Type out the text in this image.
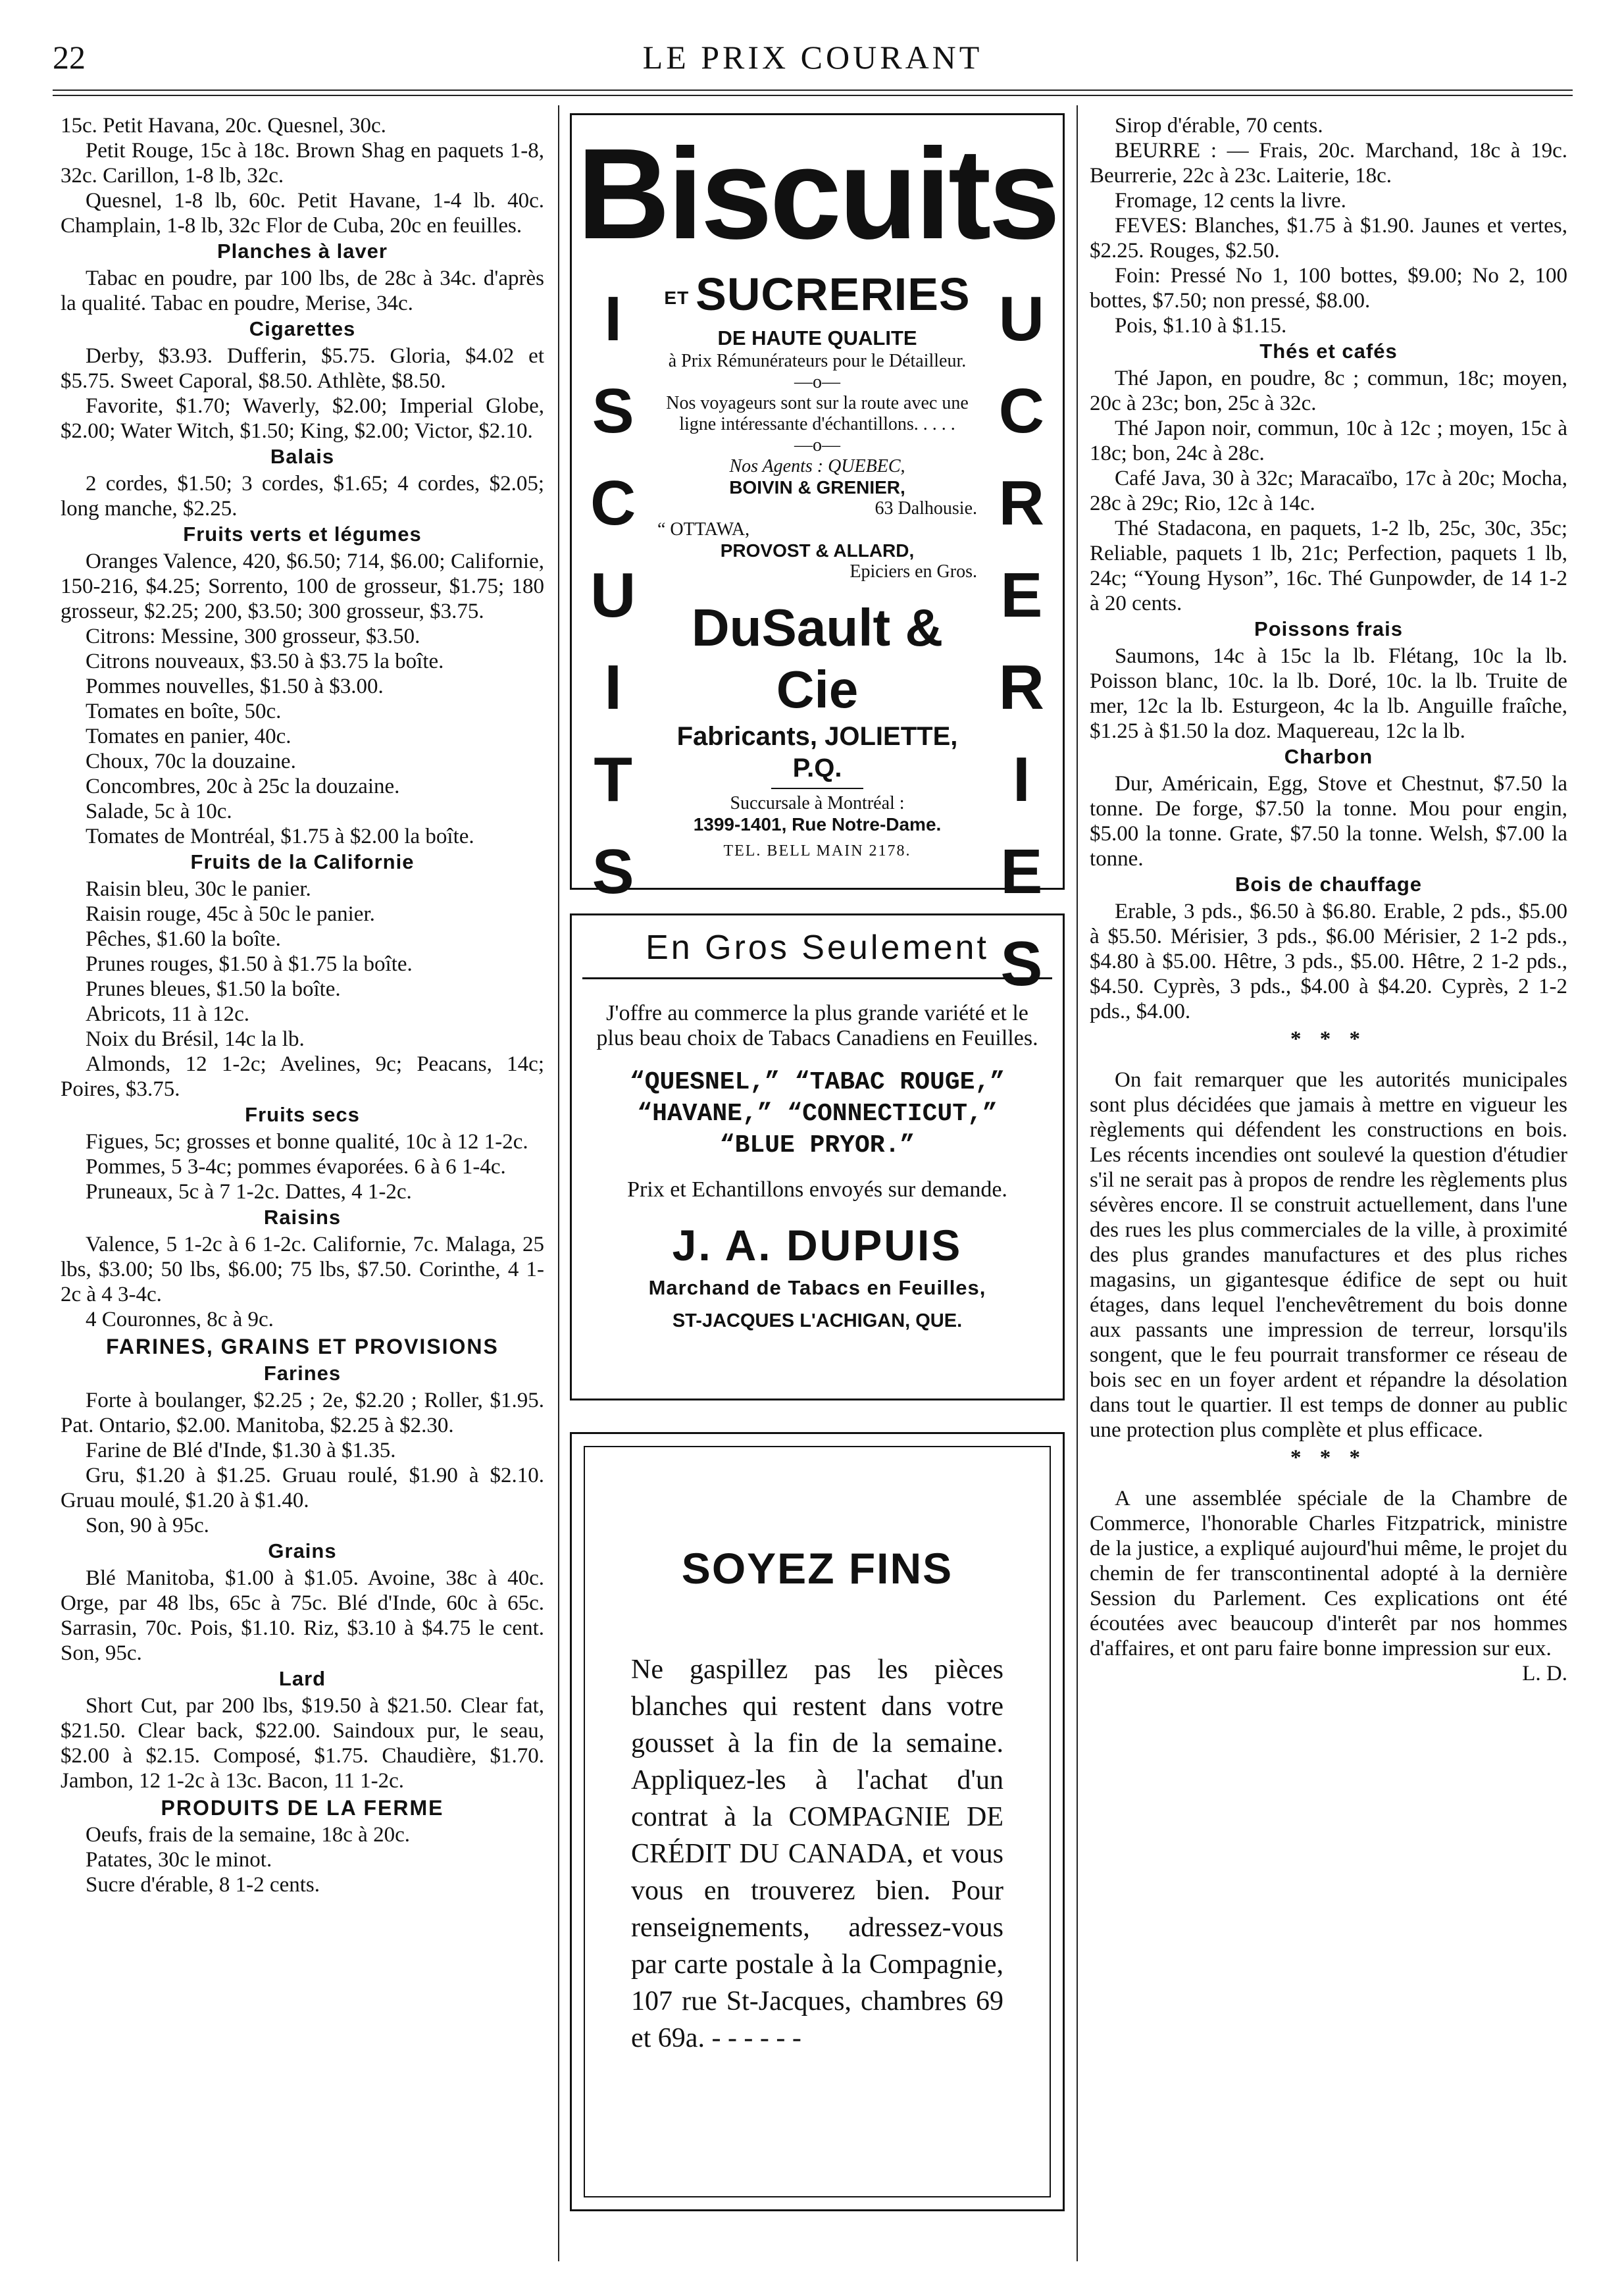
22	LE PRIX COURANT

15c. Petit Havana, 20c. Quesnel, 30c.

Petit Rouge, 15c à 18c. Brown Shag en paquets 1-8, 32c. Carillon, 1-8 lb, 32c.

Quesnel, 1-8 lb, 60c. Petit Havane, 1-4 lb. 40c. Champlain, 1-8 lb, 32c Flor de Cuba, 20c en feuilles.

Planches à laver

Tabac en poudre, par 100 lbs, de 28c à 34c. d'après la qualité. Tabac en poudre, Merise, 34c.

Cigarettes

Derby, $3.93. Dufferin, $5.75. Gloria, $4.02 et $5.75. Sweet Caporal, $8.50. Athlète, $8.50.

Favorite, $1.70; Waverly, $2.00; Imperial Globe, $2.00; Water Witch, $1.50; King, $2.00; Victor, $2.10.

Balais

2 cordes, $1.50; 3 cordes, $1.65; 4 cordes, $2.05; long manche, $2.25.

Fruits verts et légumes

Oranges Valence, 420, $6.50; 714, $6.00; Californie, 150-216, $4.25; Sorrento, 100 de grosseur, $1.75; 180 grosseur, $2.25; 200, $3.50; 300 grosseur, $3.75.

Citrons: Messine, 300 grosseur, $3.50.

Citrons nouveaux, $3.50 à $3.75 la boîte.

Pommes nouvelles, $1.50 à $3.00.

Tomates en boîte, 50c.

Tomates en panier, 40c.

Choux, 70c la douzaine.

Concombres, 20c à 25c la douzaine.

Salade, 5c à 10c.

Tomates de Montréal, $1.75 à $2.00 la boîte.

Fruits de la Californie

Raisin bleu, 30c le panier.

Raisin rouge, 45c à 50c le panier.

Pêches, $1.60 la boîte.

Prunes rouges, $1.50 à $1.75 la boîte.

Prunes bleues, $1.50 la boîte.

Abricots, 11 à 12c.

Noix du Brésil, 14c la lb.

Almonds, 12 1-2c; Avelines, 9c; Peacans, 14c; Poires, $3.75.

Fruits secs

Figues, 5c; grosses et bonne qualité, 10c à 12 1-2c.

Pommes, 5 3-4c; pommes évaporées. 6 à 6 1-4c.

Pruneaux, 5c à 7 1-2c. Dattes, 4 1-2c.

Raisins

Valence, 5 1-2c à 6 1-2c. Californie, 7c. Malaga, 25 lbs, $3.00; 50 lbs, $6.00; 75 lbs, $7.50. Corinthe, 4 1-2c à 4 3-4c.

4 Couronnes, 8c à 9c.

FARINES, GRAINS ET PROVISIONS
Farines

Forte à boulanger, $2.25 ; 2e, $2.20 ; Roller, $1.95. Pat. Ontario, $2.00. Manitoba, $2.25 à $2.30.

Farine de Blé d'Inde, $1.30 à $1.35.

Gru, $1.20 à $1.25. Gruau roulé, $1.90 à $2.10. Gruau moulé, $1.20 à $1.40.

Son, 90 à 95c.

Grains

Blé Manitoba, $1.00 à $1.05. Avoine, 38c à 40c. Orge, par 48 lbs, 65c à 75c. Blé d'Inde, 60c à 65c. Sarrasin, 70c. Pois, $1.10. Riz, $3.10 à $4.75 le cent. Son, 95c.

Lard

Short Cut, par 200 lbs, $19.50 à $21.50. Clear fat, $21.50. Clear back, $22.00. Saindoux pur, le seau, $2.00 à $2.15. Composé, $1.75. Chaudière, $1.70. Jambon, 12 1-2c à 13c. Bacon, 11 1-2c.

PRODUITS DE LA FERME

Oeufs, frais de la semaine, 18c à 20c.

Patates, 30c le minot.

Sucre d'érable, 8 1-2 cents.

Sirop d'érable, 70 cents.

BEURRE : — Frais, 20c. Marchand, 18c à 19c. Beurrerie, 22c à 23c. Laiterie, 18c.

Fromage, 12 cents la livre.

FEVES: Blanches, $1.75 à $1.90. Jaunes et vertes, $2.25. Rouges, $2.50.

Foin: Pressé No 1, 100 bottes, $9.00; No 2, 100 bottes, $7.50; non pressé, $8.00.

Pois, $1.10 à $1.15.

Thés et cafés

Thé Japon, en poudre, 8c ; commun, 18c; moyen, 20c à 23c; bon, 25c à 32c.

Thé Japon noir, commun, 10c à 12c ; moyen, 15c à 18c; bon, 24c à 28c.

Café Java, 30 à 32c; Maracaïbo, 17c à 20c; Mocha, 28c à 29c; Rio, 12c à 14c.

Thé Stadacona, en paquets, 1-2 lb, 25c, 30c, 35c; Reliable, paquets 1 lb, 21c; Perfection, paquets 1 lb, 24c; “Young Hyson”, 16c. Thé Gunpowder, de 14 1-2 à 20 cents.

Poissons frais

Saumons, 14c à 15c la lb. Flétang, 10c la lb. Poisson blanc, 10c. la lb. Doré, 10c. la lb. Truite de mer, 12c la lb. Esturgeon, 4c la lb. Anguille fraîche, $1.25 à $1.50 la doz. Maquereau, 12c la lb.

Charbon

Dur, Américain, Egg, Stove et Chestnut, $7.50 la tonne. De forge, $7.50 la tonne. Mou pour engin, $5.00 la tonne. Grate, $7.50 la tonne. Welsh, $7.00 la tonne.

Bois de chauffage

Erable, 3 pds., $6.50 à $6.80. Erable, 2 pds., $5.00 à $5.50. Mérisier, 3 pds., $6.00 Mérisier, 2 1-2 pds., $4.80 à $5.00. Hêtre, 3 pds., $5.00. Hêtre, 2 1-2 pds., $4.50. Cyprès, 3 pds., $4.00 à $4.20. Cyprès, 2 1-2 pds., $4.00.

* * *

On fait remarquer que les autorités municipales sont plus décidées que jamais à mettre en vigueur les règlements qui défendent les constructions en bois. Les récents incendies ont soulevé la question d'étudier s'il ne serait pas à propos de rendre les règlements plus sévères encore. Il se construit actuellement, dans l'une des rues les plus commerciales de la ville, à proximité des plus grandes manufactures et des plus riches magasins, un gigantesque édifice de sept ou huit étages, dans lequel l'enchevêtrement du bois donne aux passants une impression de terreur, lorsqu'ils songent, que le feu pourrait transformer ce réseau de bois sec en un foyer ardent et répandre la désolation dans tout le quartier. Il est temps de donner au public une protection plus complète et plus efficace.

* * *

A une assemblée spéciale de la Chambre de Commerce, l'honorable Charles Fitzpatrick, ministre de la justice, a expliqué aujourd'hui même, le projet du chemin de fer transcontinental adopté à la dernière Session du Parlement. Ces explications ont été écoutées avec beaucoup d'interêt par nos hommes d'affaires, et ont paru faire bonne impression sur eux.

L. D.
Biscuits
I
S
C
U
I
T
S
U
C
R
E
R
I
E
S
ET SUCRERIES
DE HAUTE QUALITE
à Prix Rémunérateurs pour le Détailleur.
—o—
Nos voyageurs sont sur la route avec une ligne intéressante d'échantillons. . . . .
—o—
Nos Agents : QUEBEC,
BOIVIN & GRENIER,
63 Dalhousie.
“ OTTAWA,
PROVOST & ALLARD,
Epiciers en Gros.
DuSault & Cie
Fabricants, JOLIETTE, P.Q.
Succursale à Montréal :
1399-1401, Rue Notre-Dame.
TEL. BELL MAIN 2178.
En Gros Seulement
J'offre au commerce la plus grande variété et le plus beau choix de Tabacs Canadiens en Feuilles.
“QUESNEL,” “TABAC ROUGE,” “HAVANE,” “CONNECTICUT,” “BLUE PRYOR.”
Prix et Echantillons envoyés sur demande.
J. A. DUPUIS
Marchand de Tabacs en Feuilles,
ST-JACQUES L'ACHIGAN, QUE.
SOYEZ FINS
Ne gaspillez pas les pièces blanches qui restent dans votre gousset à la fin de la semaine. Appliquez-les à l'achat d'un contrat à la COMPAGNIE DE CRÉDIT DU CANADA, et vous vous en trouverez bien. Pour renseignements, adressez-vous par carte postale à la Compagnie, 107 rue St-Jacques, chambres 69 et 69a. - - - - - -
